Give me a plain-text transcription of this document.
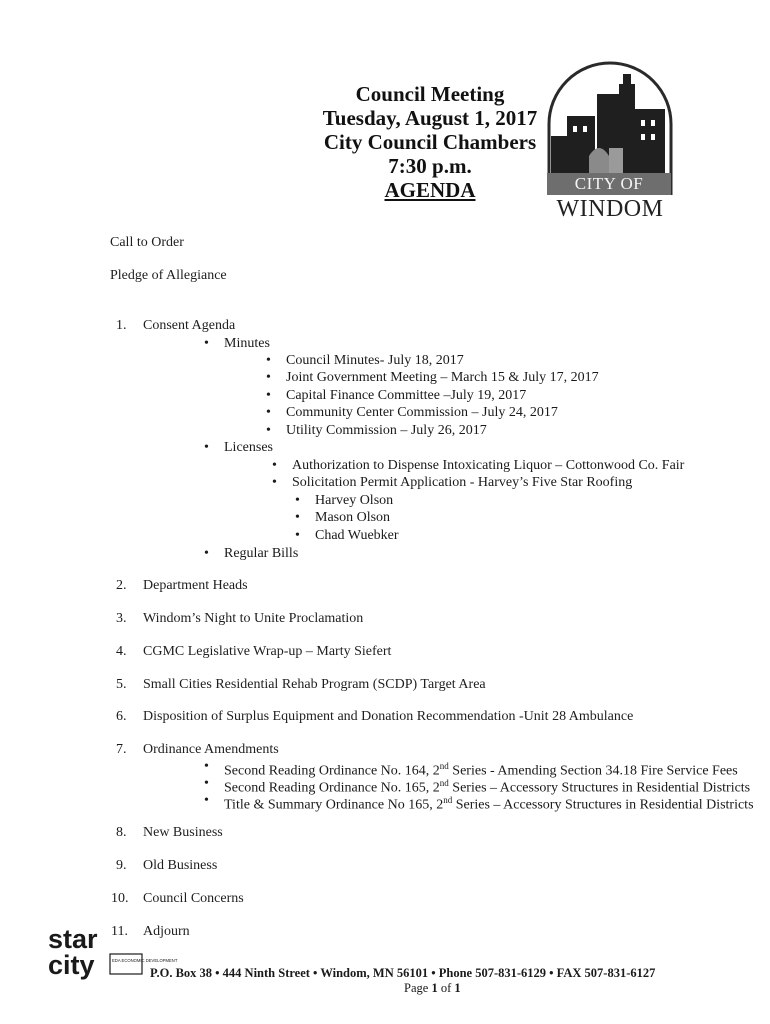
Council Meeting
Tuesday, August 1, 2017
City Council Chambers
7:30 p.m.
AGENDA	CITY OF
WINDOM
Call to Order
Pledge of Allegiance
1. Consent Agenda
• Minutes
• Council Minutes- July 18, 2017
• Joint Government Meeting – March 15 & July 17, 2017
• Capital Finance Committee –July 19, 2017
• Community Center Commission – July 24, 2017
• Utility Commission – July 26, 2017
• Licenses
• Authorization to Dispense Intoxicating Liquor – Cottonwood Co. Fair
• Solicitation Permit Application - Harvey’s Five Star Roofing
• Harvey Olson
• Mason Olson
• Chad Wuebker
• Regular Bills
2. Department Heads
3. Windom’s Night to Unite Proclamation
4. CGMC Legislative Wrap-up – Marty Siefert
5. Small Cities Residential Rehab Program (SCDP) Target Area
6. Disposition of Surplus Equipment and Donation Recommendation -Unit 28 Ambulance
7. Ordinance Amendments
• Second Reading Ordinance No. 164, 2nd Series - Amending Section 34.18 Fire Service Fees
• Second Reading Ordinance No. 165, 2nd Series – Accessory Structures in Residential Districts
• Title & Summary Ordinance No 165, 2nd Series – Accessory Structures in Residential Districts
8. New Business
9. Old Business
10. Council Concerns
11. Adjourn
star
city	EDA ECONOMIC DEVELOPMENT
P.O. Box 38 • 444 Ninth Street • Windom, MN 56101 • Phone 507-831-6129 • FAX 507-831-6127
Page 1 of 1
